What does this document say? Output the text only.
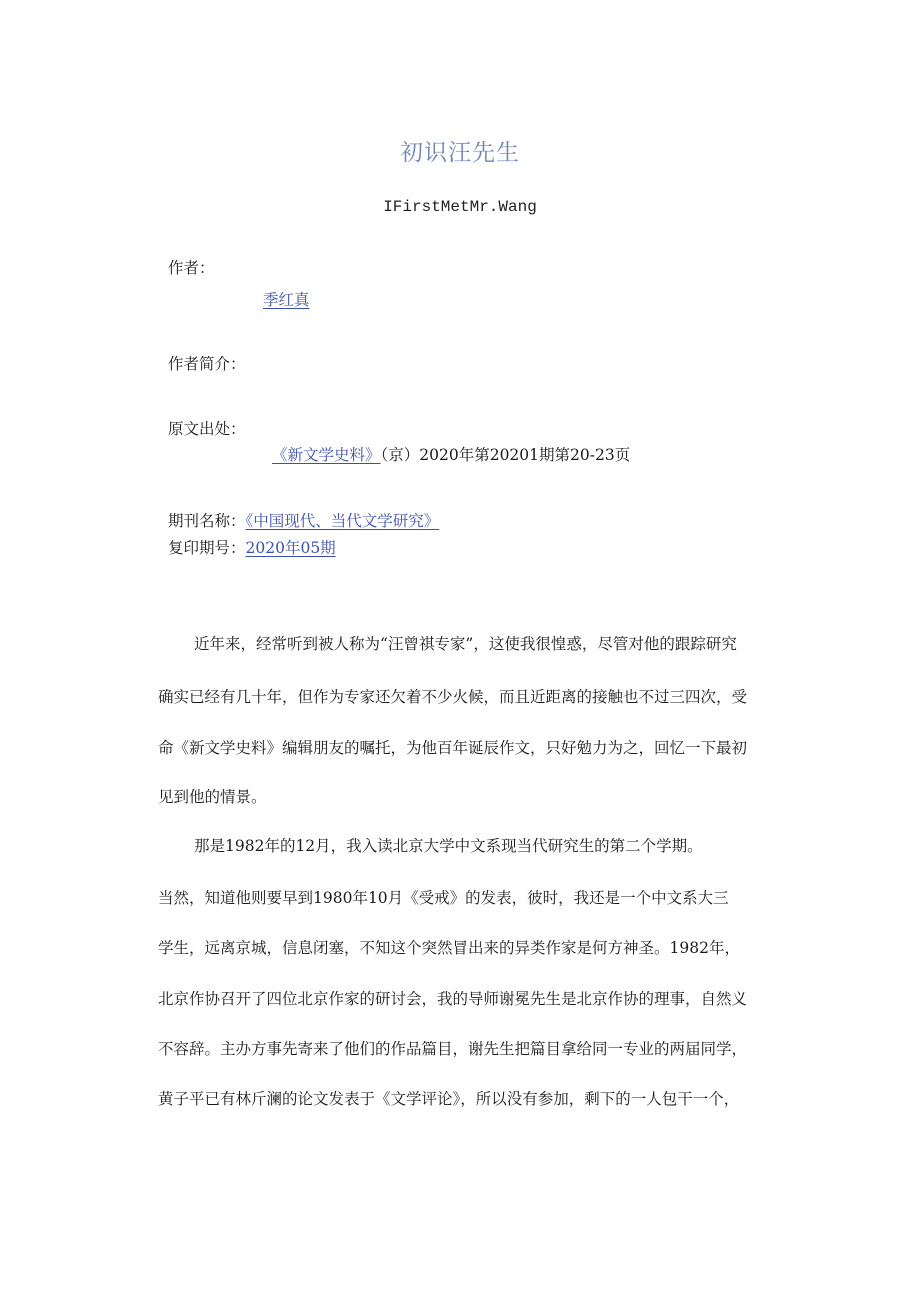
初识汪先生
IFirstMetMr.Wang
作者：
季红真
作者简介：
原文出处：
《新文学史料》（京）2020年第20201期第20-23页
期刊名称：《中国现代、当代文学研究》
复印期号：2020年05期
近年来，经常听到被人称为“汪曾祺专家”，这使我很惶惑，尽管对他的跟踪研究
确实已经有几十年，但作为专家还欠着不少火候，而且近距离的接触也不过三四次，受
命《新文学史料》编辑朋友的嘱托，为他百年诞辰作文，只好勉力为之，回忆一下最初
见到他的情景。
那是1982年的12月，我入读北京大学中文系现当代研究生的第二个学期。
当然，知道他则要早到1980年10月《受戒》的发表，彼时，我还是一个中文系大三
学生，远离京城，信息闭塞，不知这个突然冒出来的异类作家是何方神圣。1982年，
北京作协召开了四位北京作家的研讨会，我的导师谢冕先生是北京作协的理事，自然义
不容辞。主办方事先寄来了他们的作品篇目，谢先生把篇目拿给同一专业的两届同学，
黄子平已有林斤澜的论文发表于《文学评论》，所以没有参加，剩下的一人包干一个，
